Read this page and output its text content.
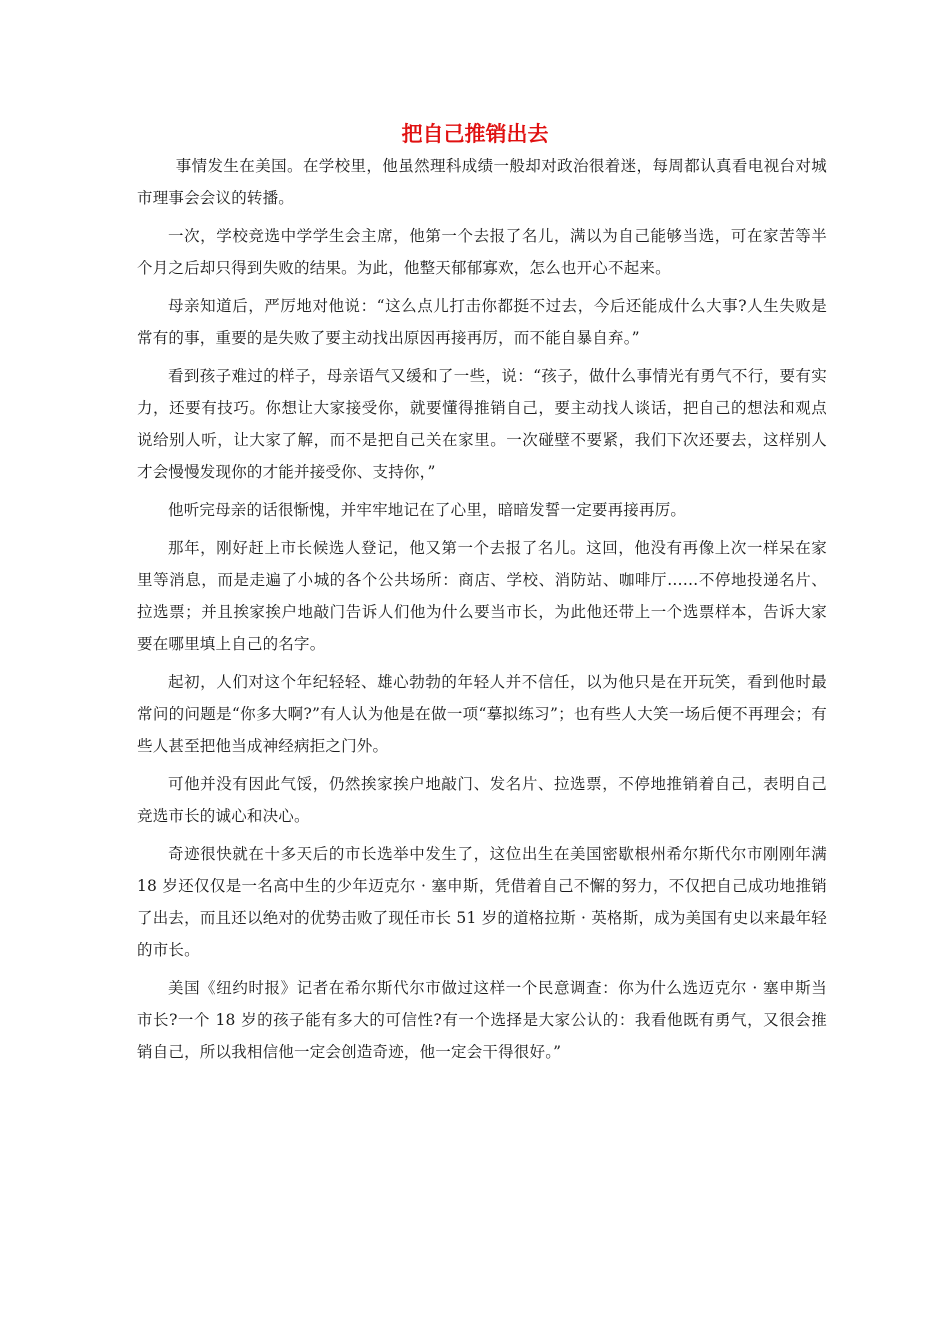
把自己推销出去

事情发生在美国。在学校里，他虽然理科成绩一般却对政治很着迷，每周都认真看电视台对城市理事会会议的转播。

一次，学校竞选中学学生会主席，他第一个去报了名儿，满以为自己能够当选，可在家苦等半个月之后却只得到失败的结果。为此，他整天郁郁寡欢，怎么也开心不起来。

母亲知道后，严厉地对他说：“这么点儿打击你都挺不过去，今后还能成什么大事?人生失败是常有的事，重要的是失败了要主动找出原因再接再厉，而不能自暴自弃。”

看到孩子难过的样子，母亲语气又缓和了一些，说：“孩子，做什么事情光有勇气不行，要有实力，还要有技巧。你想让大家接受你，就要懂得推销自己，要主动找人谈话，把自己的想法和观点说给别人听，让大家了解，而不是把自己关在家里。一次碰壁不要紧，我们下次还要去，这样别人才会慢慢发现你的才能并接受你、支持你，”

他听完母亲的话很惭愧，并牢牢地记在了心里，暗暗发誓一定要再接再厉。

那年，刚好赶上市长候选人登记，他又第一个去报了名儿。这回，他没有再像上次一样呆在家里等消息，而是走遍了小城的各个公共场所：商店、学校、消防站、咖啡厅……不停地投递名片、拉选票；并且挨家挨户地敲门告诉人们他为什么要当市长，为此他还带上一个选票样本，告诉大家要在哪里填上自己的名字。

起初，人们对这个年纪轻轻、雄心勃勃的年轻人并不信任，以为他只是在开玩笑，看到他时最常问的问题是“你多大啊?”有人认为他是在做一项“摹拟练习”；也有些人大笑一场后便不再理会；有些人甚至把他当成神经病拒之门外。

可他并没有因此气馁，仍然挨家挨户地敲门、发名片、拉选票，不停地推销着自己，表明自己竞选市长的诚心和决心。

奇迹很快就在十多天后的市长选举中发生了，这位出生在美国密歇根州希尔斯代尔市刚刚年满 18 岁还仅仅是一名高中生的少年迈克尔 · 塞申斯，凭借着自己不懈的努力，不仅把自己成功地推销了出去，而且还以绝对的优势击败了现任市长 51 岁的道格拉斯 · 英格斯，成为美国有史以来最年轻的市长。

美国《纽约时报》记者在希尔斯代尔市做过这样一个民意调查：你为什么选迈克尔 · 塞申斯当市长?一个 18 岁的孩子能有多大的可信性?有一个选择是大家公认的：我看他既有勇气，又很会推销自己，所以我相信他一定会创造奇迹，他一定会干得很好。”
